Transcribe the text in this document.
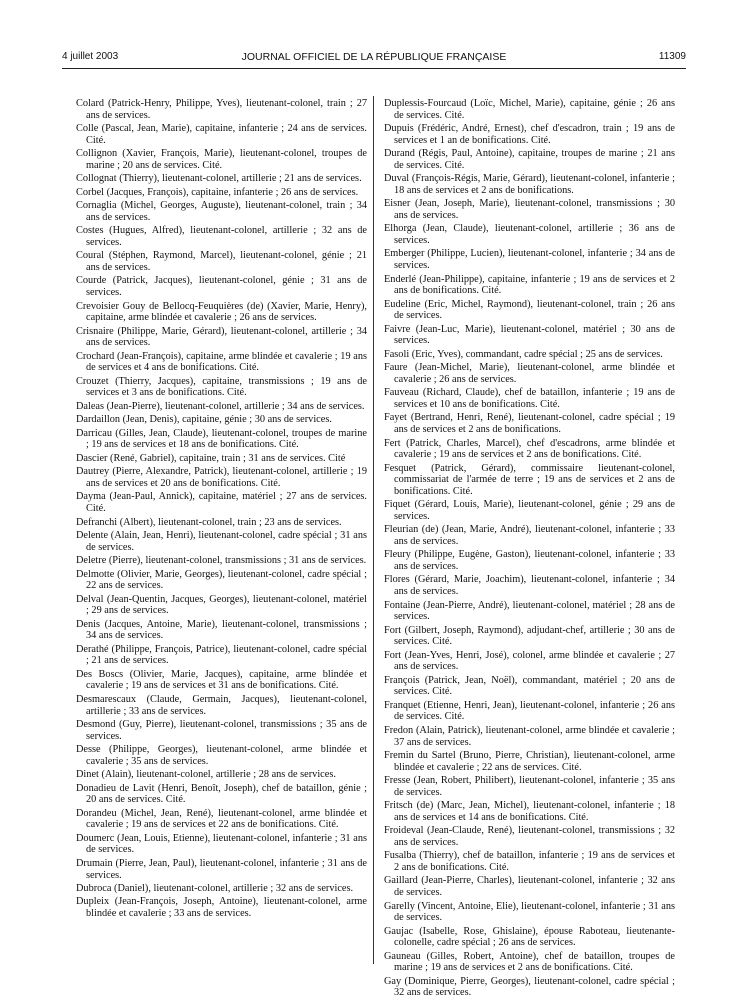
4 juillet 2003	JOURNAL OFFICIEL DE LA RÉPUBLIQUE FRANÇAISE	11309

Colard (Patrick-Henry, Philippe, Yves), lieutenant-colonel, train ; 27 ans de services.

Colle (Pascal, Jean, Marie), capitaine, infanterie ; 24 ans de services. Cité.

Collignon (Xavier, François, Marie), lieutenant-colonel, troupes de marine ; 20 ans de services. Cité.

Collognat (Thierry), lieutenant-colonel, artillerie ; 21 ans de services.

Corbel (Jacques, François), capitaine, infanterie ; 26 ans de services.

Cornaglia (Michel, Georges, Auguste), lieutenant-colonel, train ; 34 ans de services.

Costes (Hugues, Alfred), lieutenant-colonel, artillerie ; 32 ans de services.

Coural (Stéphen, Raymond, Marcel), lieutenant-colonel, génie ; 21 ans de services.

Courde (Patrick, Jacques), lieutenant-colonel, génie ; 31 ans de services.

Crevoisier Gouy de Bellocq-Feuquières (de) (Xavier, Marie, Henry), capitaine, arme blindée et cavalerie ; 26 ans de services.

Crisnaire (Philippe, Marie, Gérard), lieutenant-colonel, artillerie ; 34 ans de services.

Crochard (Jean-François), capitaine, arme blindée et cavalerie ; 19 ans de services et 4 ans de bonifications. Cité.

Crouzet (Thierry, Jacques), capitaine, transmissions ; 19 ans de services et 3 ans de bonifications. Cité.

Daleas (Jean-Pierre), lieutenant-colonel, artillerie ; 34 ans de services.

Dardaillon (Jean, Denis), capitaine, génie ; 30 ans de services.

Darricau (Gilles, Jean, Claude), lieutenant-colonel, troupes de marine ; 19 ans de services et 18 ans de bonifications. Cité.

Dascier (René, Gabriel), capitaine, train ; 31 ans de services. Cité

Dautrey (Pierre, Alexandre, Patrick), lieutenant-colonel, artillerie ; 19 ans de services et 20 ans de bonifications. Cité.

Dayma (Jean-Paul, Annick), capitaine, matériel ; 27 ans de services. Cité.

Defranchi (Albert), lieutenant-colonel, train ; 23 ans de services.

Delente (Alain, Jean, Henri), lieutenant-colonel, cadre spécial ; 31 ans de services.

Deletre (Pierre), lieutenant-colonel, transmissions ; 31 ans de services.

Delmotte (Olivier, Marie, Georges), lieutenant-colonel, cadre spécial ; 22 ans de services.

Delval (Jean-Quentin, Jacques, Georges), lieutenant-colonel, matériel ; 29 ans de services.

Denis (Jacques, Antoine, Marie), lieutenant-colonel, transmissions ; 34 ans de services.

Derathé (Philippe, François, Patrice), lieutenant-colonel, cadre spécial ; 21 ans de services.

Des Boscs (Olivier, Marie, Jacques), capitaine, arme blindée et cavalerie ; 19 ans de services et 31 ans de bonifications. Cité.

Desmarescaux (Claude, Germain, Jacques), lieutenant-colonel, artillerie ; 33 ans de services.

Desmond (Guy, Pierre), lieutenant-colonel, transmissions ; 35 ans de services.

Desse (Philippe, Georges), lieutenant-colonel, arme blindée et cavalerie ; 35 ans de services.

Dinet (Alain), lieutenant-colonel, artillerie ; 28 ans de services.

Donadieu de Lavit (Henri, Benoît, Joseph), chef de bataillon, génie ; 20 ans de services. Cité.

Dorandeu (Michel, Jean, René), lieutenant-colonel, arme blindée et cavalerie ; 19 ans de services et 22 ans de bonifications. Cité.

Doumerc (Jean, Louis, Etienne), lieutenant-colonel, infanterie ; 31 ans de services.

Drumain (Pierre, Jean, Paul), lieutenant-colonel, infanterie ; 31 ans de services.

Dubroca (Daniel), lieutenant-colonel, artillerie ; 32 ans de services.

Dupleix (Jean-François, Joseph, Antoine), lieutenant-colonel, arme blindée et cavalerie ; 33 ans de services.

Duplessis-Fourcaud (Loïc, Michel, Marie), capitaine, génie ; 26 ans de services. Cité.

Dupuis (Frédéric, André, Ernest), chef d'escadron, train ; 19 ans de services et 1 an de bonifications. Cité.

Durand (Régis, Paul, Antoine), capitaine, troupes de marine ; 21 ans de services. Cité.

Duval (François-Régis, Marie, Gérard), lieutenant-colonel, infanterie ; 18 ans de services et 2 ans de bonifications.

Eisner (Jean, Joseph, Marie), lieutenant-colonel, transmissions ; 30 ans de services.

Elhorga (Jean, Claude), lieutenant-colonel, artillerie ; 36 ans de services.

Emberger (Philippe, Lucien), lieutenant-colonel, infanterie ; 34 ans de services.

Enderlé (Jean-Philippe), capitaine, infanterie ; 19 ans de services et 2 ans de bonifications. Cité.

Eudeline (Eric, Michel, Raymond), lieutenant-colonel, train ; 26 ans de services.

Faivre (Jean-Luc, Marie), lieutenant-colonel, matériel ; 30 ans de services.

Fasoli (Eric, Yves), commandant, cadre spécial ; 25 ans de services.

Faure (Jean-Michel, Marie), lieutenant-colonel, arme blindée et cavalerie ; 26 ans de services.

Fauveau (Richard, Claude), chef de bataillon, infanterie ; 19 ans de services et 10 ans de bonifications. Cité.

Fayet (Bertrand, Henri, René), lieutenant-colonel, cadre spécial ; 19 ans de services et 2 ans de bonifications.

Fert (Patrick, Charles, Marcel), chef d'escadrons, arme blindée et cavalerie ; 19 ans de services et 2 ans de bonifications. Cité.

Fesquet (Patrick, Gérard), commissaire lieutenant-colonel, commissariat de l'armée de terre ; 19 ans de services et 2 ans de bonifications. Cité.

Fiquet (Gérard, Louis, Marie), lieutenant-colonel, génie ; 29 ans de services.

Fleurian (de) (Jean, Marie, André), lieutenant-colonel, infanterie ; 33 ans de services.

Fleury (Philippe, Eugène, Gaston), lieutenant-colonel, infanterie ; 33 ans de services.

Flores (Gérard, Marie, Joachim), lieutenant-colonel, infanterie ; 34 ans de services.

Fontaine (Jean-Pierre, André), lieutenant-colonel, matériel ; 28 ans de services.

Fort (Gilbert, Joseph, Raymond), adjudant-chef, artillerie ; 30 ans de services. Cité.

Fort (Jean-Yves, Henri, José), colonel, arme blindée et cavalerie ; 27 ans de services.

François (Patrick, Jean, Noël), commandant, matériel ; 20 ans de services. Cité.

Franquet (Etienne, Henri, Jean), lieutenant-colonel, infanterie ; 26 ans de services. Cité.

Fredon (Alain, Patrick), lieutenant-colonel, arme blindée et cavalerie ; 37 ans de services.

Fremin du Sartel (Bruno, Pierre, Christian), lieutenant-colonel, arme blindée et cavalerie ; 22 ans de services. Cité.

Fresse (Jean, Robert, Philibert), lieutenant-colonel, infanterie ; 35 ans de services.

Fritsch (de) (Marc, Jean, Michel), lieutenant-colonel, infanterie ; 18 ans de services et 14 ans de bonifications. Cité.

Froideval (Jean-Claude, René), lieutenant-colonel, transmissions ; 32 ans de services.

Fusalba (Thierry), chef de bataillon, infanterie ; 19 ans de services et 2 ans de bonifications. Cité.

Gaillard (Jean-Pierre, Charles), lieutenant-colonel, infanterie ; 32 ans de services.

Garelly (Vincent, Antoine, Elie), lieutenant-colonel, infanterie ; 31 ans de services.

Gaujac (Isabelle, Rose, Ghislaine), épouse Raboteau, lieutenante-colonelle, cadre spécial ; 26 ans de services.

Gauneau (Gilles, Robert, Antoine), chef de bataillon, troupes de marine ; 19 ans de services et 2 ans de bonifications. Cité.

Gay (Dominique, Pierre, Georges), lieutenant-colonel, cadre spécial ; 32 ans de services.
